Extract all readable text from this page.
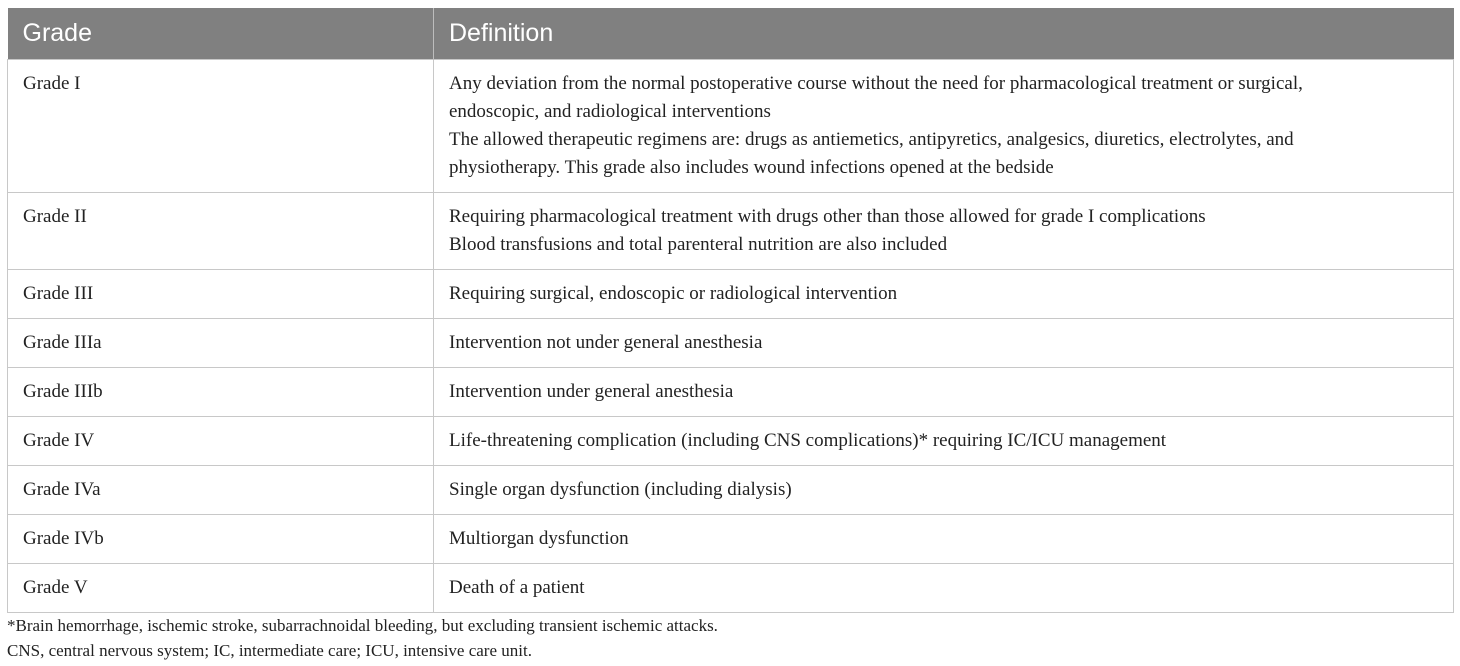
Grade	Definition
Grade I	Any deviation from the normal postoperative course without the need for pharmacological treatment or surgical,
endoscopic, and radiological interventions
The allowed therapeutic regimens are: drugs as antiemetics, antipyretics, analgesics, diuretics, electrolytes, and
physiotherapy. This grade also includes wound infections opened at the bedside

Grade II	Requiring pharmacological treatment with drugs other than those allowed for grade I complications
Blood transfusions and total parenteral nutrition are also included

Grade III	Requiring surgical, endoscopic or radiological intervention
Grade IIIa	Intervention not under general anesthesia
Grade IIIb	Intervention under general anesthesia
Grade IV	Life-threatening complication (including CNS complications)* requiring IC/ICU management
Grade IVa	Single organ dysfunction (including dialysis)
Grade IVb	Multiorgan dysfunction
Grade V	Death of a patient
*Brain hemorrhage, ischemic stroke, subarrachnoidal bleeding, but excluding transient ischemic attacks.
CNS, central nervous system; IC, intermediate care; ICU, intensive care unit.
